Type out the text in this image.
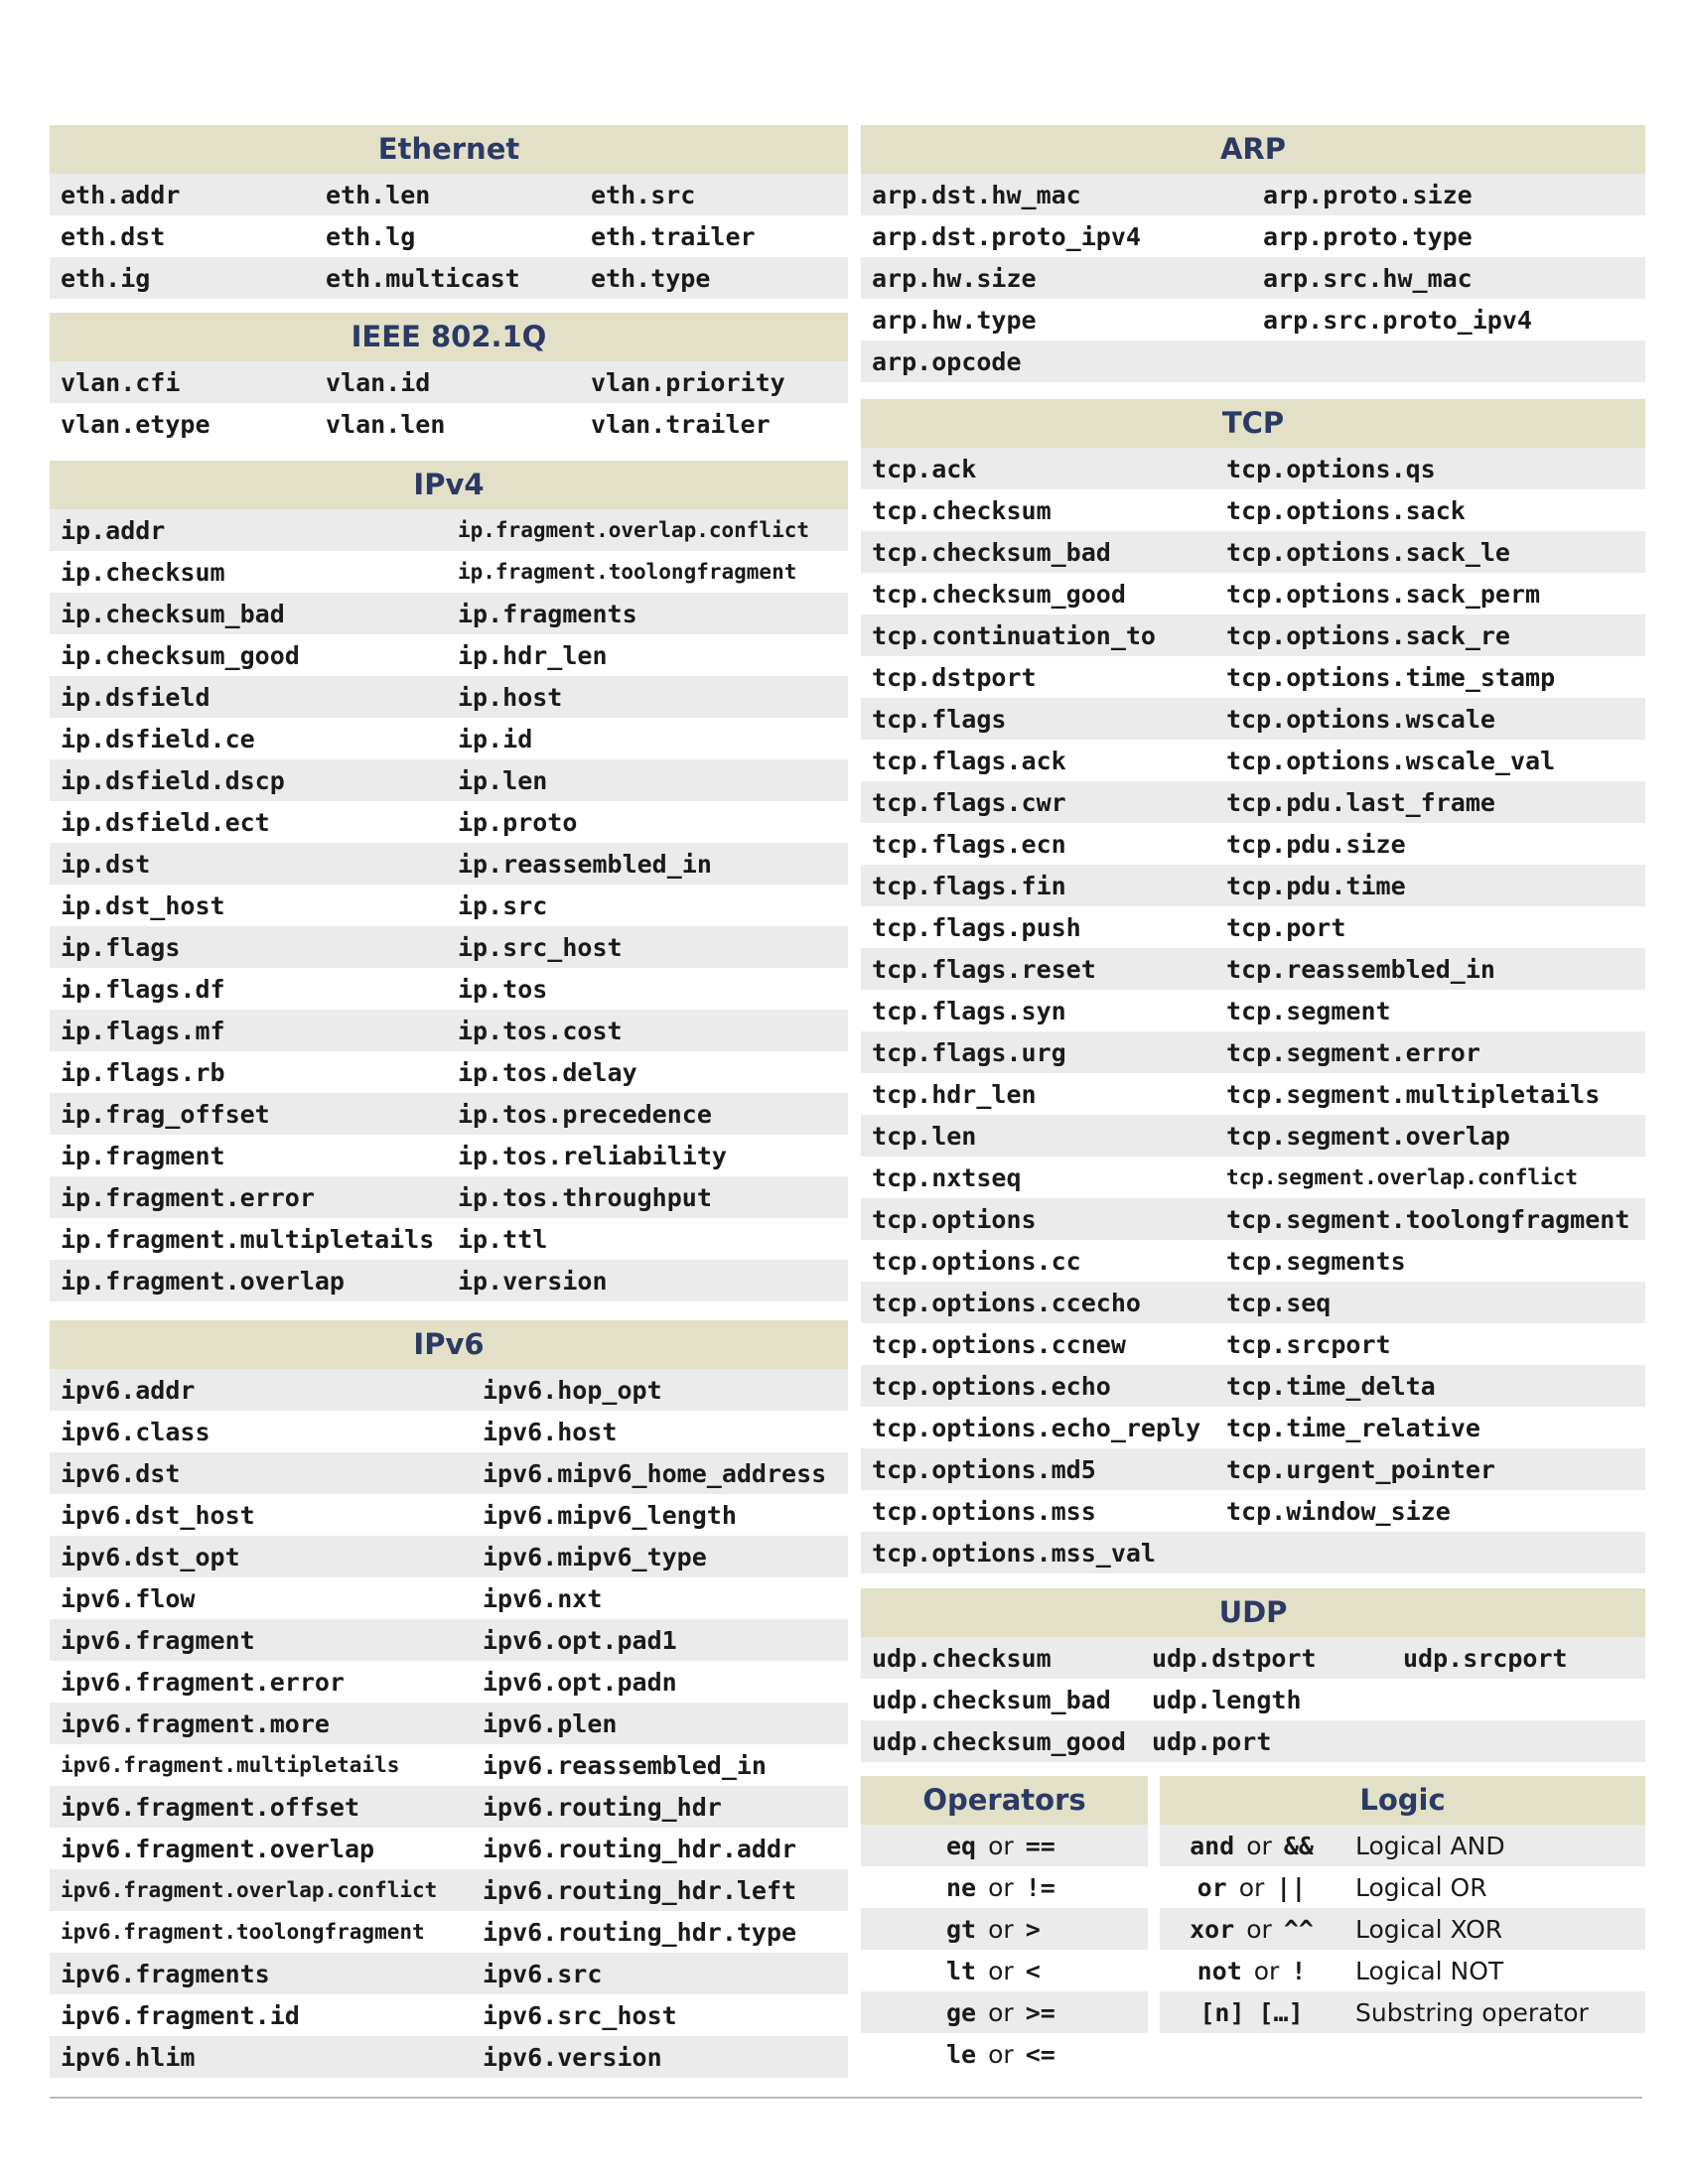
Ethernet
eth.addr	eth.len	eth.src
eth.dst	eth.lg	eth.trailer
eth.ig	eth.multicast	eth.type
IEEE 802.1Q
vlan.cfi	vlan.id	vlan.priority
vlan.etype	vlan.len	vlan.trailer
IPv4
ip.addr	ip.fragment.overlap.conflict
ip.checksum	ip.fragment.toolongfragment
ip.checksum_bad	ip.fragments
ip.checksum_good	ip.hdr_len
ip.dsfield	ip.host
ip.dsfield.ce	ip.id
ip.dsfield.dscp	ip.len
ip.dsfield.ect	ip.proto
ip.dst	ip.reassembled_in
ip.dst_host	ip.src
ip.flags	ip.src_host
ip.flags.df	ip.tos
ip.flags.mf	ip.tos.cost
ip.flags.rb	ip.tos.delay
ip.frag_offset	ip.tos.precedence
ip.fragment	ip.tos.reliability
ip.fragment.error	ip.tos.throughput
ip.fragment.multipletails ip.ttl
ip.fragment.overlap	ip.version
IPv6
ipv6.addr	ipv6.hop_opt
ipv6.class	ipv6.host
ipv6.dst	ipv6.mipv6_home_address
ipv6.dst_host	ipv6.mipv6_length
ipv6.dst_opt	ipv6.mipv6_type
ipv6.flow	ipv6.nxt
ipv6.fragment	ipv6.opt.pad1
ipv6.fragment.error	ipv6.opt.padn
ipv6.fragment.more	ipv6.plen
ipv6.fragment.multipletails	ipv6.reassembled_in
ipv6.fragment.offset	ipv6.routing_hdr
ipv6.fragment.overlap	ipv6.routing_hdr.addr
ipv6.fragment.overlap.conflict	ipv6.routing_hdr.left
ipv6.fragment.toolongfragment	ipv6.routing_hdr.type
ipv6.fragments	ipv6.src
ipv6.fragment.id	ipv6.src_host
ipv6.hlim	ipv6.version
ARP
arp.dst.hw_mac	arp.proto.size
arp.dst.proto_ipv4	arp.proto.type
arp.hw.size	arp.src.hw_mac
arp.hw.type	arp.src.proto_ipv4
arp.opcode
TCP
tcp.ack	tcp.options.qs
tcp.checksum	tcp.options.sack
tcp.checksum_bad	tcp.options.sack_le
tcp.checksum_good	tcp.options.sack_perm
tcp.continuation_to	tcp.options.sack_re
tcp.dstport	tcp.options.time_stamp
tcp.flags	tcp.options.wscale
tcp.flags.ack	tcp.options.wscale_val
tcp.flags.cwr	tcp.pdu.last_frame
tcp.flags.ecn	tcp.pdu.size
tcp.flags.fin	tcp.pdu.time
tcp.flags.push	tcp.port
tcp.flags.reset	tcp.reassembled_in
tcp.flags.syn	tcp.segment
tcp.flags.urg	tcp.segment.error
tcp.hdr_len	tcp.segment.multipletails
tcp.len	tcp.segment.overlap
tcp.nxtseq	tcp.segment.overlap.conflict
tcp.options	tcp.segment.toolongfragment
tcp.options.cc	tcp.segments
tcp.options.ccecho	tcp.seq
tcp.options.ccnew	tcp.srcport
tcp.options.echo	tcp.time_delta
tcp.options.echo_reply	tcp.time_relative
tcp.options.md5	tcp.urgent_pointer
tcp.options.mss	tcp.window_size
tcp.options.mss_val
UDP
udp.checksum	udp.dstport	udp.srcport
udp.checksum_bad	udp.length
udp.checksum_good	udp.port
Operators
eq or ==
ne or !=
gt or >
lt or <
ge or >=
le or <=
Logic
and or && Logical AND
or or || Logical OR
xor or ^^ Logical XOR
not or ! Logical NOT
[n] […] Substring operator
